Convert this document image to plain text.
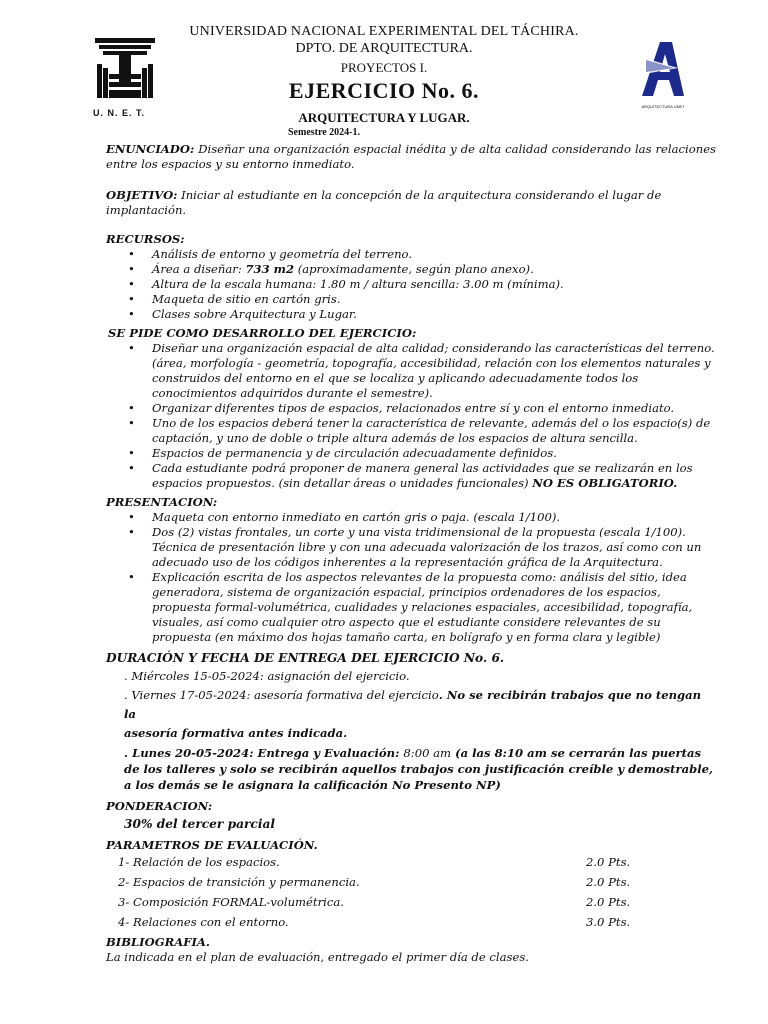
U. N. E. T.
ARQUITECTURA UNET
UNIVERSIDAD NACIONAL EXPERIMENTAL DEL TÁCHIRA.
DPTO. DE ARQUITECTURA.
PROYECTOS I.
EJERCICIO No. 6.
ARQUITECTURA Y LUGAR.
Semestre 2024-1.

ENUNCIADO: Diseñar una organización espacial inédita y de alta calidad considerando las relaciones entre los espacios y su entorno inmediato.

OBJETIVO: Iniciar al estudiante en la concepción de la arquitectura considerando el lugar de implantación.

RECURSOS:

• Análisis de entorno y geometría del terreno.
• Área a diseñar: 733 m2 (aproximadamente, según plano anexo).
• Altura de la escala humana: 1.80 m / altura sencilla: 3.00 m (mínima).
• Maqueta de sitio en cartón gris.
• Clases sobre Arquitectura y Lugar.

SE PIDE COMO DESARROLLO DEL EJERCICIO:

• Diseñar una organización espacial de alta calidad; considerando las características del terreno. (área, morfología - geometría, topografía, accesibilidad, relación con los elementos naturales y construidos del entorno en el que se localiza y aplicando adecuadamente todos los conocimientos adquiridos durante el semestre).
• Organizar diferentes tipos de espacios, relacionados entre sí y con el entorno inmediato.
• Uno de los espacios deberá tener la característica de relevante, además del o los espacio(s) de captación, y uno de doble o triple altura además de los espacios de altura sencilla.
• Espacios de permanencia y de circulación adecuadamente definidos.
• Cada estudiante podrá proponer de manera general las actividades que se realizarán en los espacios propuestos. (sin detallar áreas o unidades funcionales) NO ES OBLIGATORIO.

PRESENTACION:

• Maqueta con entorno inmediato en cartón gris o paja. (escala 1/100).
• Dos (2) vistas frontales, un corte y una vista tridimensional de la propuesta (escala 1/100). Técnica de presentación libre y con una adecuada valorización de los trazos, así como con un adecuado uso de los códigos inherentes a la representación gráfica de la Arquitectura.
• Explicación escrita de los aspectos relevantes de la propuesta como: análisis del sitio, idea generadora, sistema de organización espacial, principios ordenadores de los espacios, propuesta formal-volumétrica, cualidades y relaciones espaciales, accesibilidad, topografía, visuales, así como cualquier otro aspecto que el estudiante considere relevantes de su propuesta (en máximo dos hojas tamaño carta, en bolígrafo y en forma clara y legible)

DURACIÓN Y FECHA DE ENTREGA DEL EJERCICIO No. 6.

. Miércoles 15-05-2024: asignación del ejercicio.

. Viernes 17-05-2024: asesoría formativa del ejercicio. No se recibirán trabajos que no tengan la

asesoría formativa antes indicada.

. Lunes 20-05-2024: Entrega y Evaluación: 8:00 am (a las 8:10 am se cerrarán las puertas de los talleres y solo se recibirán aquellos trabajos con justificación creíble y demostrable, a los demás se le asignara la calificación No Presento NP)

PONDERACION:

30% del tercer parcial

PARAMETROS DE EVALUACIÓN.

1- Relación de los espacios.	2.0 Pts.
2- Espacios de transición y permanencia.	2.0 Pts.
3- Composición FORMAL-volumétrica.	2.0 Pts.
4- Relaciones con el entorno.	3.0 Pts.

BIBLIOGRAFIA.

La indicada en el plan de evaluación, entregado el primer día de clases.
